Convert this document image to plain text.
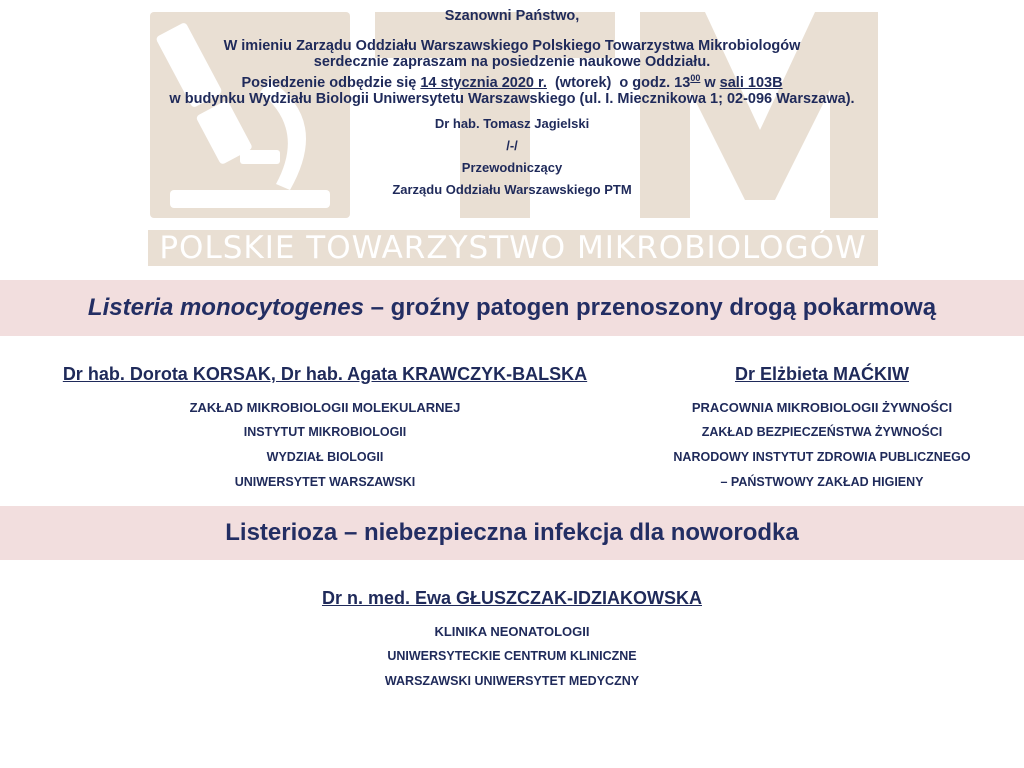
POLSKIE TOWARZYSTWO MIKROBIOLOGÓW
Szanowni Państwo,
W imieniu Zarządu Oddziału Warszawskiego Polskiego Towarzystwa Mikrobiologów
serdecznie zapraszam na posiedzenie naukowe Oddziału.
Posiedzenie odbędzie się 14 stycznia 2020 r.  (wtorek)  o godz. $13^{00}$ w sali 103B
w budynku Wydziału Biologii Uniwersytetu Warszawskiego (ul. I. Miecznikowa 1; 02-096 Warszawa).
Dr hab. Tomasz Jagielski
/-/
Przewodniczący
Zarządu Oddziału Warszawskiego PTM
Listeria monocytogenes – groźny patogen przenoszony drogą pokarmową
Dr hab. Dorota KORSAK, Dr hab. Agata KRAWCZYK-BALSKA
ZAKŁAD MIKROBIOLOGII MOLEKULARNEJ
INSTYTUT MIKROBIOLOGII
WYDZIAŁ BIOLOGII
UNIWERSYTET WARSZAWSKI
Dr Elżbieta MAĆKIW
PRACOWNIA MIKROBIOLOGII ŻYWNOŚCI
ZAKŁAD BEZPIECZEŃSTWA ŻYWNOŚCI
NARODOWY INSTYTUT ZDROWIA PUBLICZNEGO
– PAŃSTWOWY ZAKŁAD HIGIENY
Listerioza – niebezpieczna infekcja dla noworodka
Dr n. med. Ewa GŁUSZCZAK-IDZIAKOWSKA
KLINIKA NEONATOLOGII
UNIWERSYTECKIE CENTRUM KLINICZNE
WARSZAWSKI UNIWERSYTET MEDYCZNY
